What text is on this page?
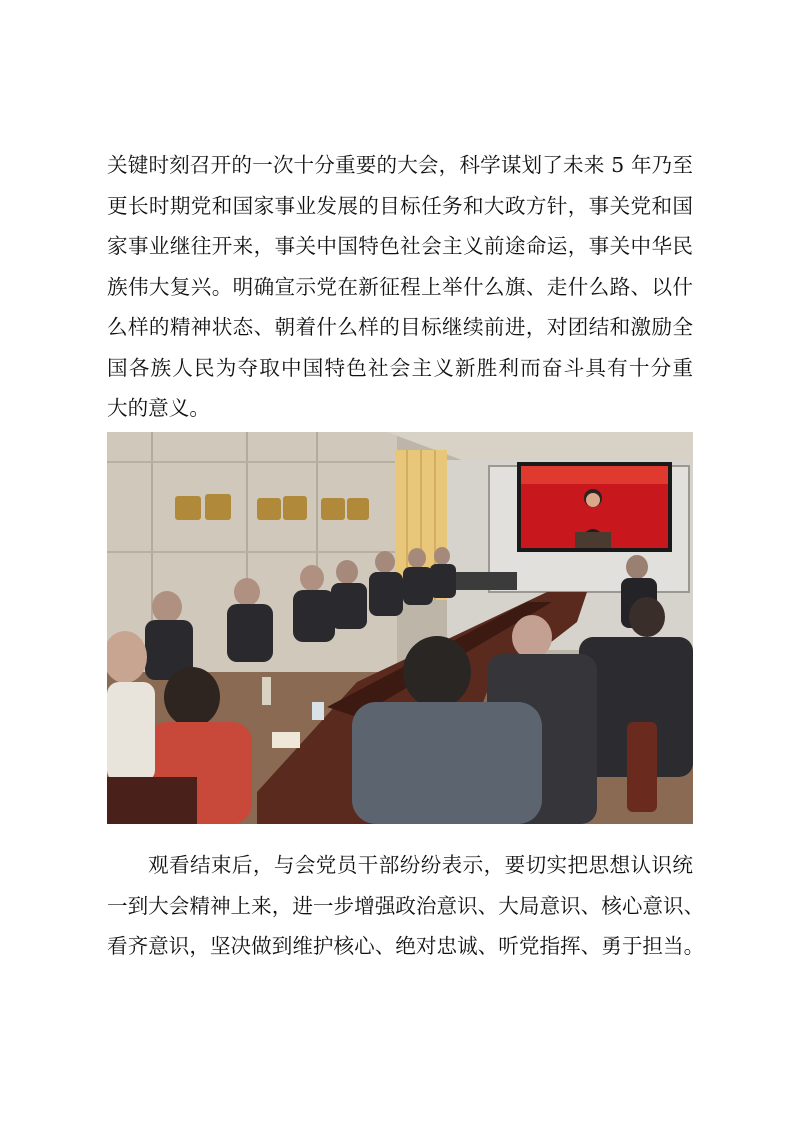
关键时刻召开的一次十分重要的大会，科学谋划了未来 5 年乃至
更长时期党和国家事业发展的目标任务和大政方针，事关党和国
家事业继往开来，事关中国特色社会主义前途命运，事关中华民
族伟大复兴。明确宣示党在新征程上举什么旗、走什么路、以什
么样的精神状态、朝着什么样的目标继续前进，对团结和激励全
国各族人民为夺取中国特色社会主义新胜利而奋斗具有十分重
大的意义。

观看结束后，与会党员干部纷纷表示，要切实把思想认识统
一到大会精神上来，进一步增强政治意识、大局意识、核心意识、
看齐意识，坚决做到维护核心、绝对忠诚、听党指挥、勇于担当。
